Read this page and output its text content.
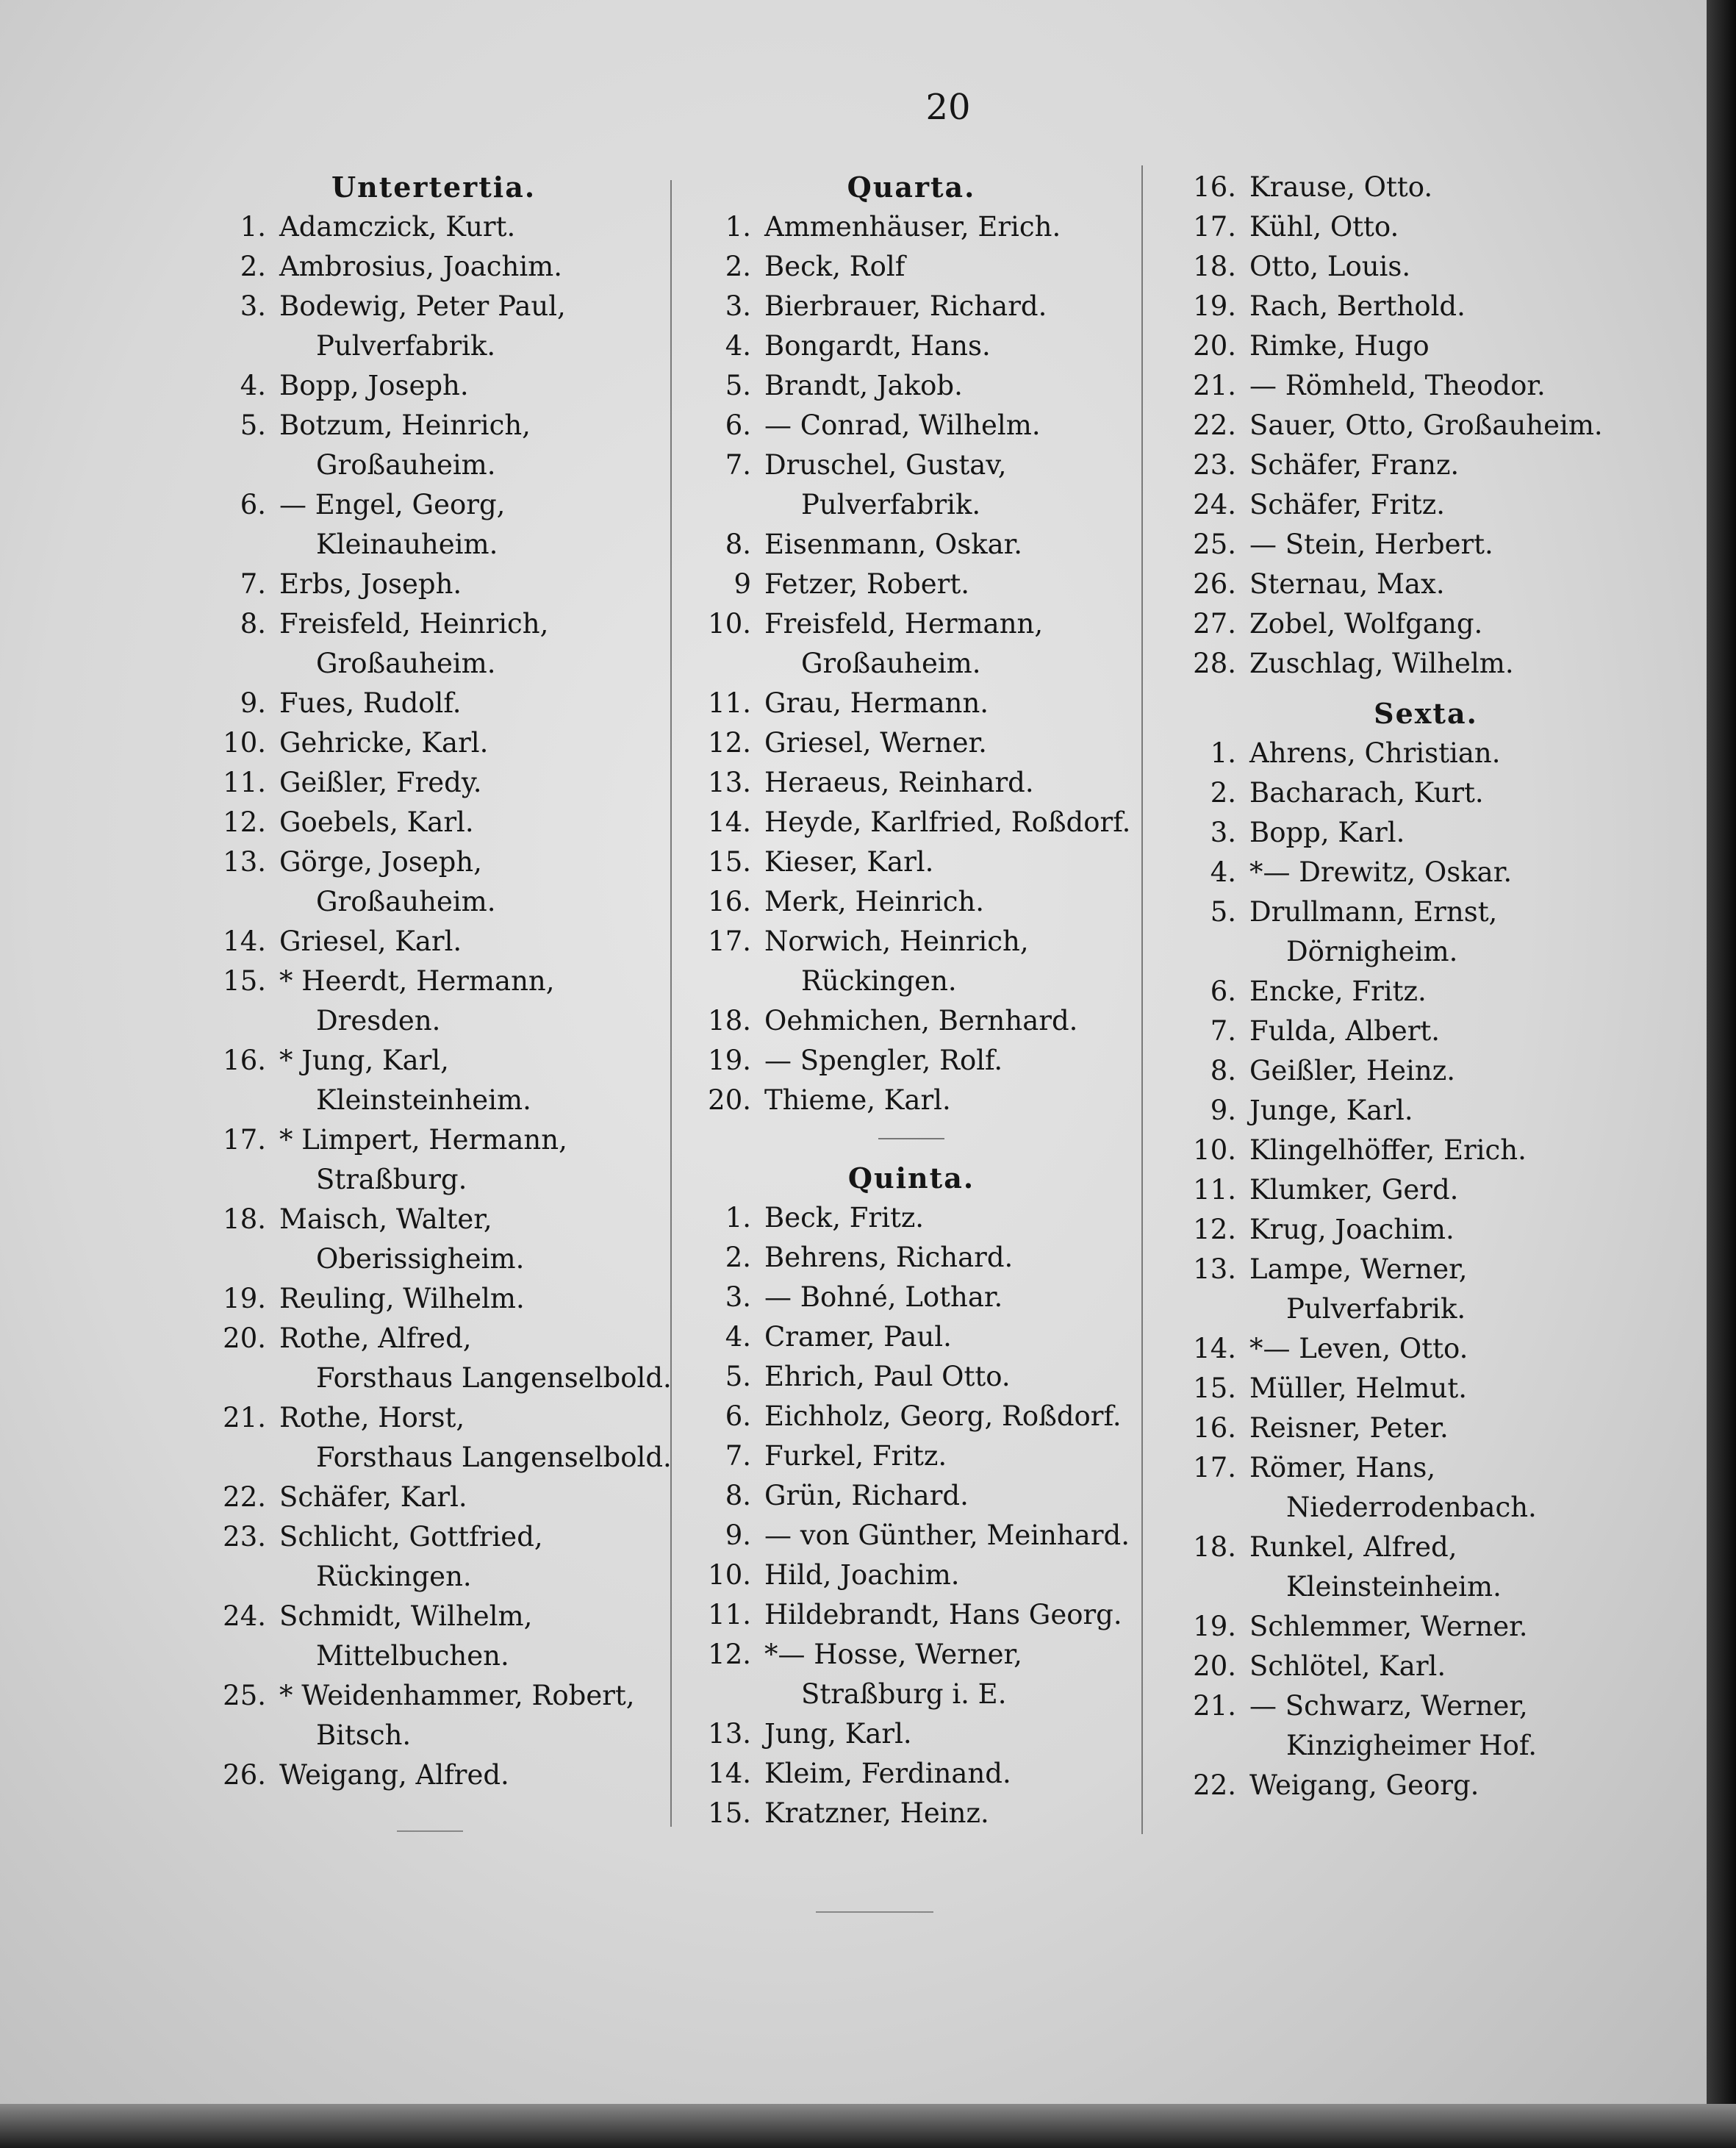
20
Untertertia.
1. Adamczick, Kurt.
2. Ambrosius, Joachim.
3. Bodewig, Peter Paul,
Pulverfabrik.
4. Bopp, Joseph.
5. Botzum, Heinrich,
Großauheim.
6. — Engel, Georg,
Kleinauheim.
7. Erbs, Joseph.
8. Freisfeld, Heinrich,
Großauheim.
9. Fues, Rudolf.
10. Gehricke, Karl.
11. Geißler, Fredy.
12. Goebels, Karl.
13. Görge, Joseph,
Großauheim.
14. Griesel, Karl.
15. * Heerdt, Hermann,
Dresden.
16. * Jung, Karl,
Kleinsteinheim.
17. * Limpert, Hermann,
Straßburg.
18. Maisch, Walter,
Oberissigheim.
19. Reuling, Wilhelm.
20. Rothe, Alfred,
Forsthaus Langenselbold.
21. Rothe, Horst,
Forsthaus Langenselbold.
22. Schäfer, Karl.
23. Schlicht, Gottfried,
Rückingen.
24. Schmidt, Wilhelm,
Mittelbuchen.
25. * Weidenhammer, Robert,
Bitsch.
26. Weigang, Alfred.
Quarta.
1. Ammenhäuser, Erich.
2. Beck, Rolf
3. Bierbrauer, Richard.
4. Bongardt, Hans.
5. Brandt, Jakob.
6. — Conrad, Wilhelm.
7. Druschel, Gustav,
Pulverfabrik.
8. Eisenmann, Oskar.
9 Fetzer, Robert.
10. Freisfeld, Hermann,
Großauheim.
11. Grau, Hermann.
12. Griesel, Werner.
13. Heraeus, Reinhard.
14. Heyde, Karlfried, Roßdorf.
15. Kieser, Karl.
16. Merk, Heinrich.
17. Norwich, Heinrich,
Rückingen.
18. Oehmichen, Bernhard.
19. — Spengler, Rolf.
20. Thieme, Karl.
Quinta.
1. Beck, Fritz.
2. Behrens, Richard.
3. — Bohné, Lothar.
4. Cramer, Paul.
5. Ehrich, Paul Otto.
6. Eichholz, Georg, Roßdorf.
7. Furkel, Fritz.
8. Grün, Richard.
9. — von Günther, Meinhard.
10. Hild, Joachim.
11. Hildebrandt, Hans Georg.
12. *— Hosse, Werner,
Straßburg i. E.
13. Jung, Karl.
14. Kleim, Ferdinand.
15. Kratzner, Heinz.
16. Krause, Otto.
17. Kühl, Otto.
18. Otto, Louis.
19. Rach, Berthold.
20. Rimke, Hugo
21. — Römheld, Theodor.
22. Sauer, Otto, Großauheim.
23. Schäfer, Franz.
24. Schäfer, Fritz.
25. — Stein, Herbert.
26. Sternau, Max.
27. Zobel, Wolfgang.
28. Zuschlag, Wilhelm.
Sexta.
1. Ahrens, Christian.
2. Bacharach, Kurt.
3. Bopp, Karl.
4. *— Drewitz, Oskar.
5. Drullmann, Ernst,
Dörnigheim.
6. Encke, Fritz.
7. Fulda, Albert.
8. Geißler, Heinz.
9. Junge, Karl.
10. Klingelhöffer, Erich.
11. Klumker, Gerd.
12. Krug, Joachim.
13. Lampe, Werner,
Pulverfabrik.
14. *— Leven, Otto.
15. Müller, Helmut.
16. Reisner, Peter.
17. Römer, Hans,
Niederrodenbach.
18. Runkel, Alfred,
Kleinsteinheim.
19. Schlemmer, Werner.
20. Schlötel, Karl.
21. — Schwarz, Werner,
Kinzigheimer Hof.
22. Weigang, Georg.
